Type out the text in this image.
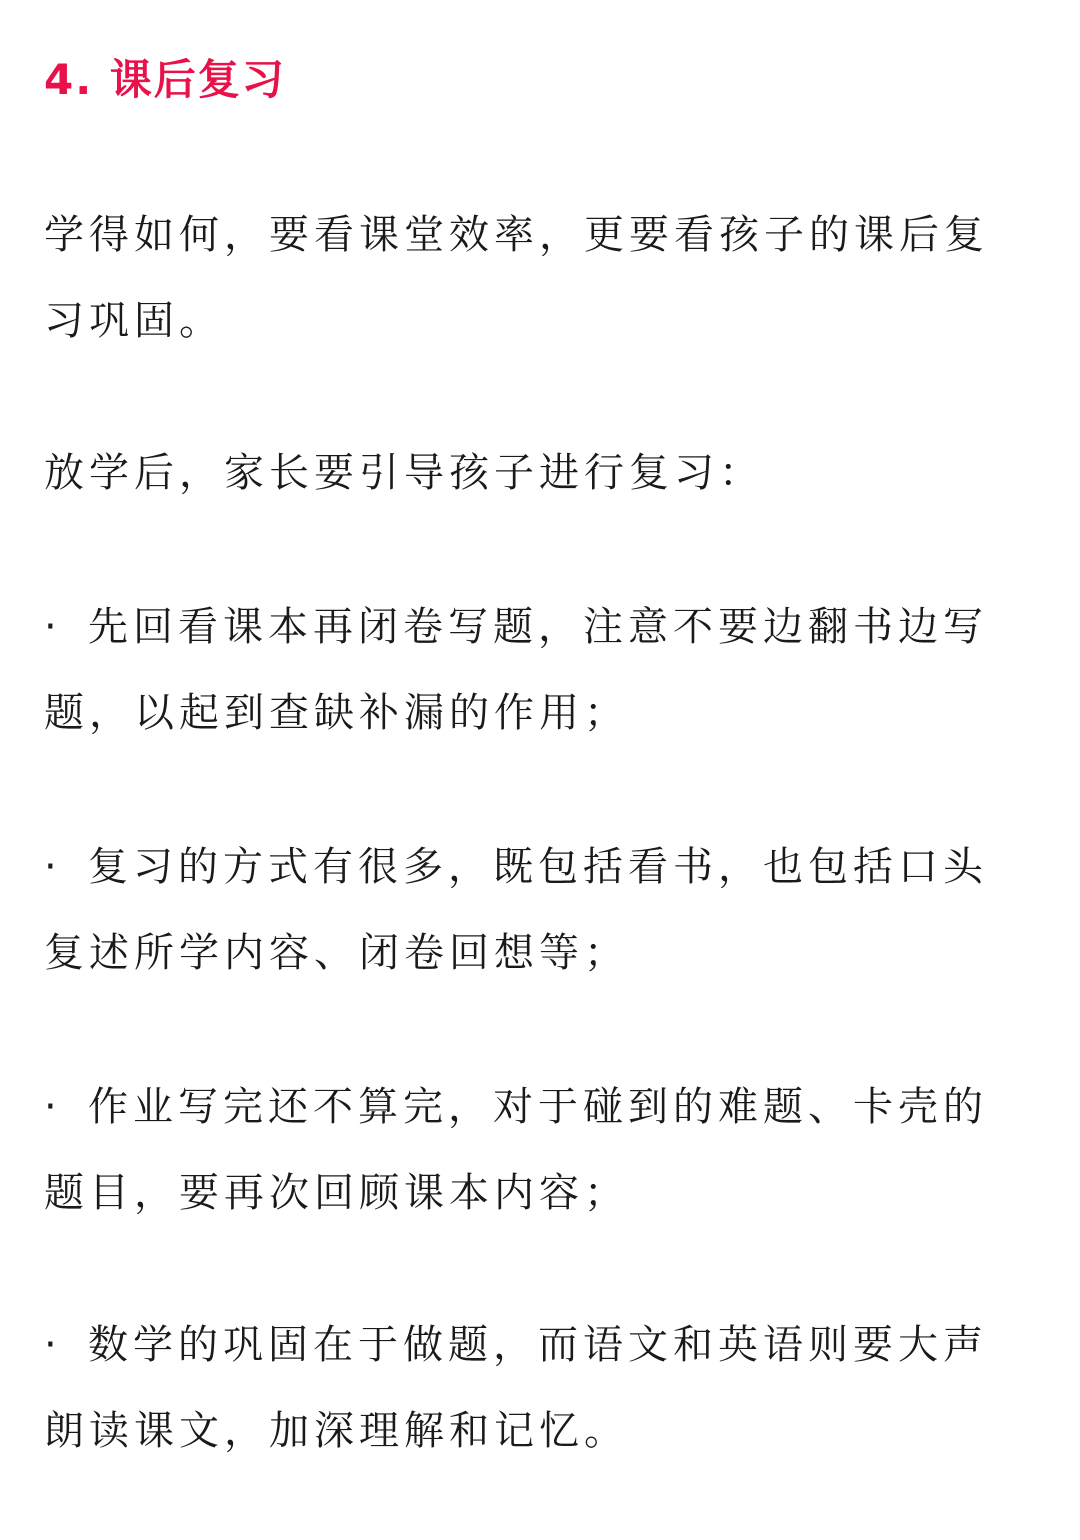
4. 课后复习

学得如何，要看课堂效率，更要看孩子的课后复习巩固。

放学后，家长要引导孩子进行复习：

· 先回看课本再闭卷写题，注意不要边翻书边写题，以起到查缺补漏的作用；

· 复习的方式有很多，既包括看书，也包括口头复述所学内容、闭卷回想等；

· 作业写完还不算完，对于碰到的难题、卡壳的题目，要再次回顾课本内容；

· 数学的巩固在于做题，而语文和英语则要大声朗读课文，加深理解和记忆。
